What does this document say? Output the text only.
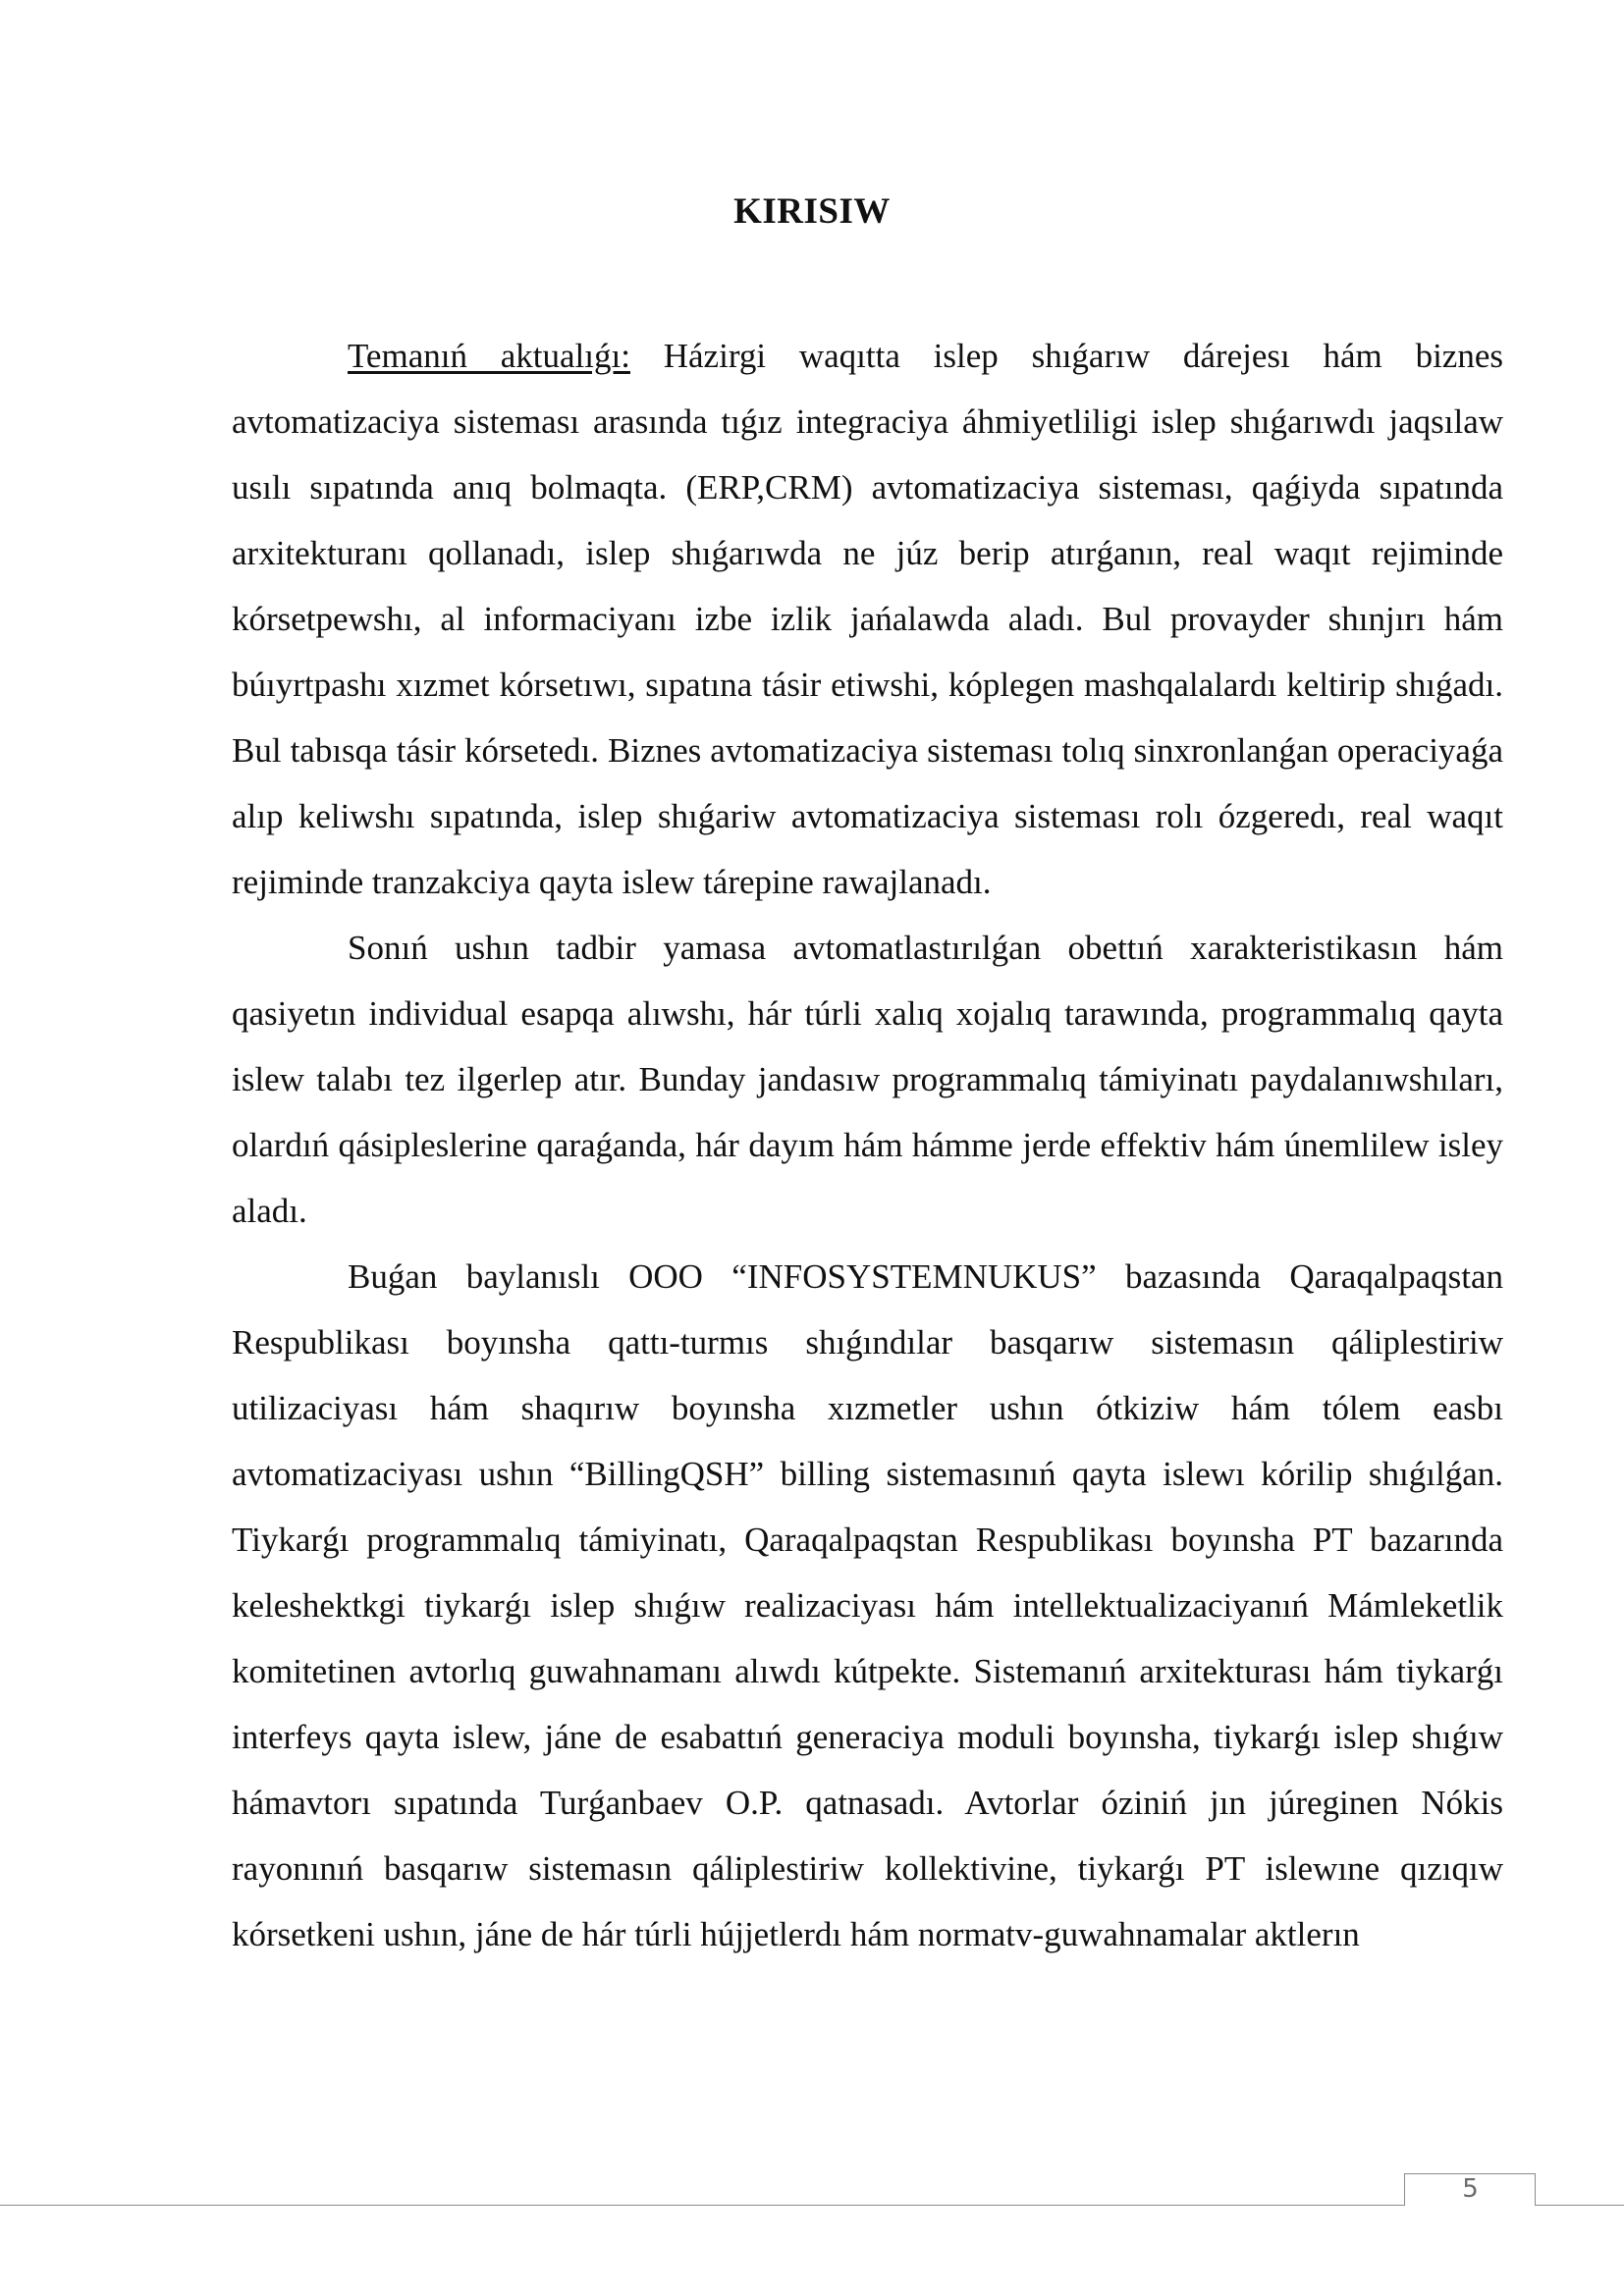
KIRISIW

Temanıń aktualıǵı: Házirgi waqıtta islep shıǵarıw dárejesı hám biznes avtomatizaciya sisteması arasında tıǵız integraciya áhmiyetliligi islep shıǵarıwdı jaqsılaw usılı sıpatında anıq bolmaqta. (ERP,CRM) avtomatizaciya sisteması, qaǵiyda sıpatında arxitekturanı qollanadı, islep shıǵarıwda ne júz berip atırǵanın, real waqıt rejiminde kórsetpewshı, al informaciyanı izbe izlik jańalawda aladı. Bul provayder shınjırı hám búıyrtpashı xızmet kórsetıwı, sıpatına tásir etiwshi, kóplegen mashqalalardı keltirip shıǵadı. Bul tabısqa tásir kórsetedı. Biznes avtomatizaciya sisteması tolıq sinxronlanǵan operaciyaǵa alıp keliwshı sıpatında, islep shıǵariw avtomatizaciya sisteması rolı ózgeredı, real waqıt rejiminde tranzakciya qayta islew tárepine rawajlanadı.

Sonıń ushın tadbir yamasa avtomatlastırılǵan obettıń xarakteristikasın hám qasiyetın individual esapqa alıwshı, hár túrli xalıq xojalıq tarawında, programmalıq qayta islew talabı tez ilgerlep atır. Bunday jandasıw programmalıq támiyinatı paydalanıwshıları, olardıń qásipleslerine qaraǵanda, hár dayım hám hámme jerde effektiv hám únemlilew isley aladı.

Buǵan baylanıslı OOO “INFOSYSTEMNUKUS” bazasında Qaraqalpaqstan Respublikası boyınsha qattı-turmıs shıǵındılar basqarıw sistemasın qáliplestiriw utilizaciyası hám shaqırıw boyınsha xızmetler ushın ótkiziw hám tólem easbı avtomatizaciyası ushın “BillingQSH” billing sistemasınıń qayta islewı kórilip shıǵılǵan. Tiykarǵı programmalıq támiyinatı, Qaraqalpaqstan Respublikası boyınsha PT bazarında keleshektkgi tiykarǵı islep shıǵıw realizaciyası hám intellektualizaciyanıń Mámleketlik komitetinen avtorlıq guwahnamanı alıwdı kútpekte. Sistemanıń arxitekturası hám tiykarǵı interfeys qayta islew, jáne de esabattıń generaciya moduli boyınsha, tiykarǵı islep shıǵıw hámavtorı sıpatında Turǵanbaev O.P. qatnasadı. Avtorlar óziniń jın júreginen Nókis rayonınıń basqarıw sistemasın qáliplestiriw kollektivine, tiykarǵı PT islewıne qızıqıw kórsetkeni ushın, jáne de hár túrli hújjetlerdı hám normatv-guwahnamalar aktlerın

5
